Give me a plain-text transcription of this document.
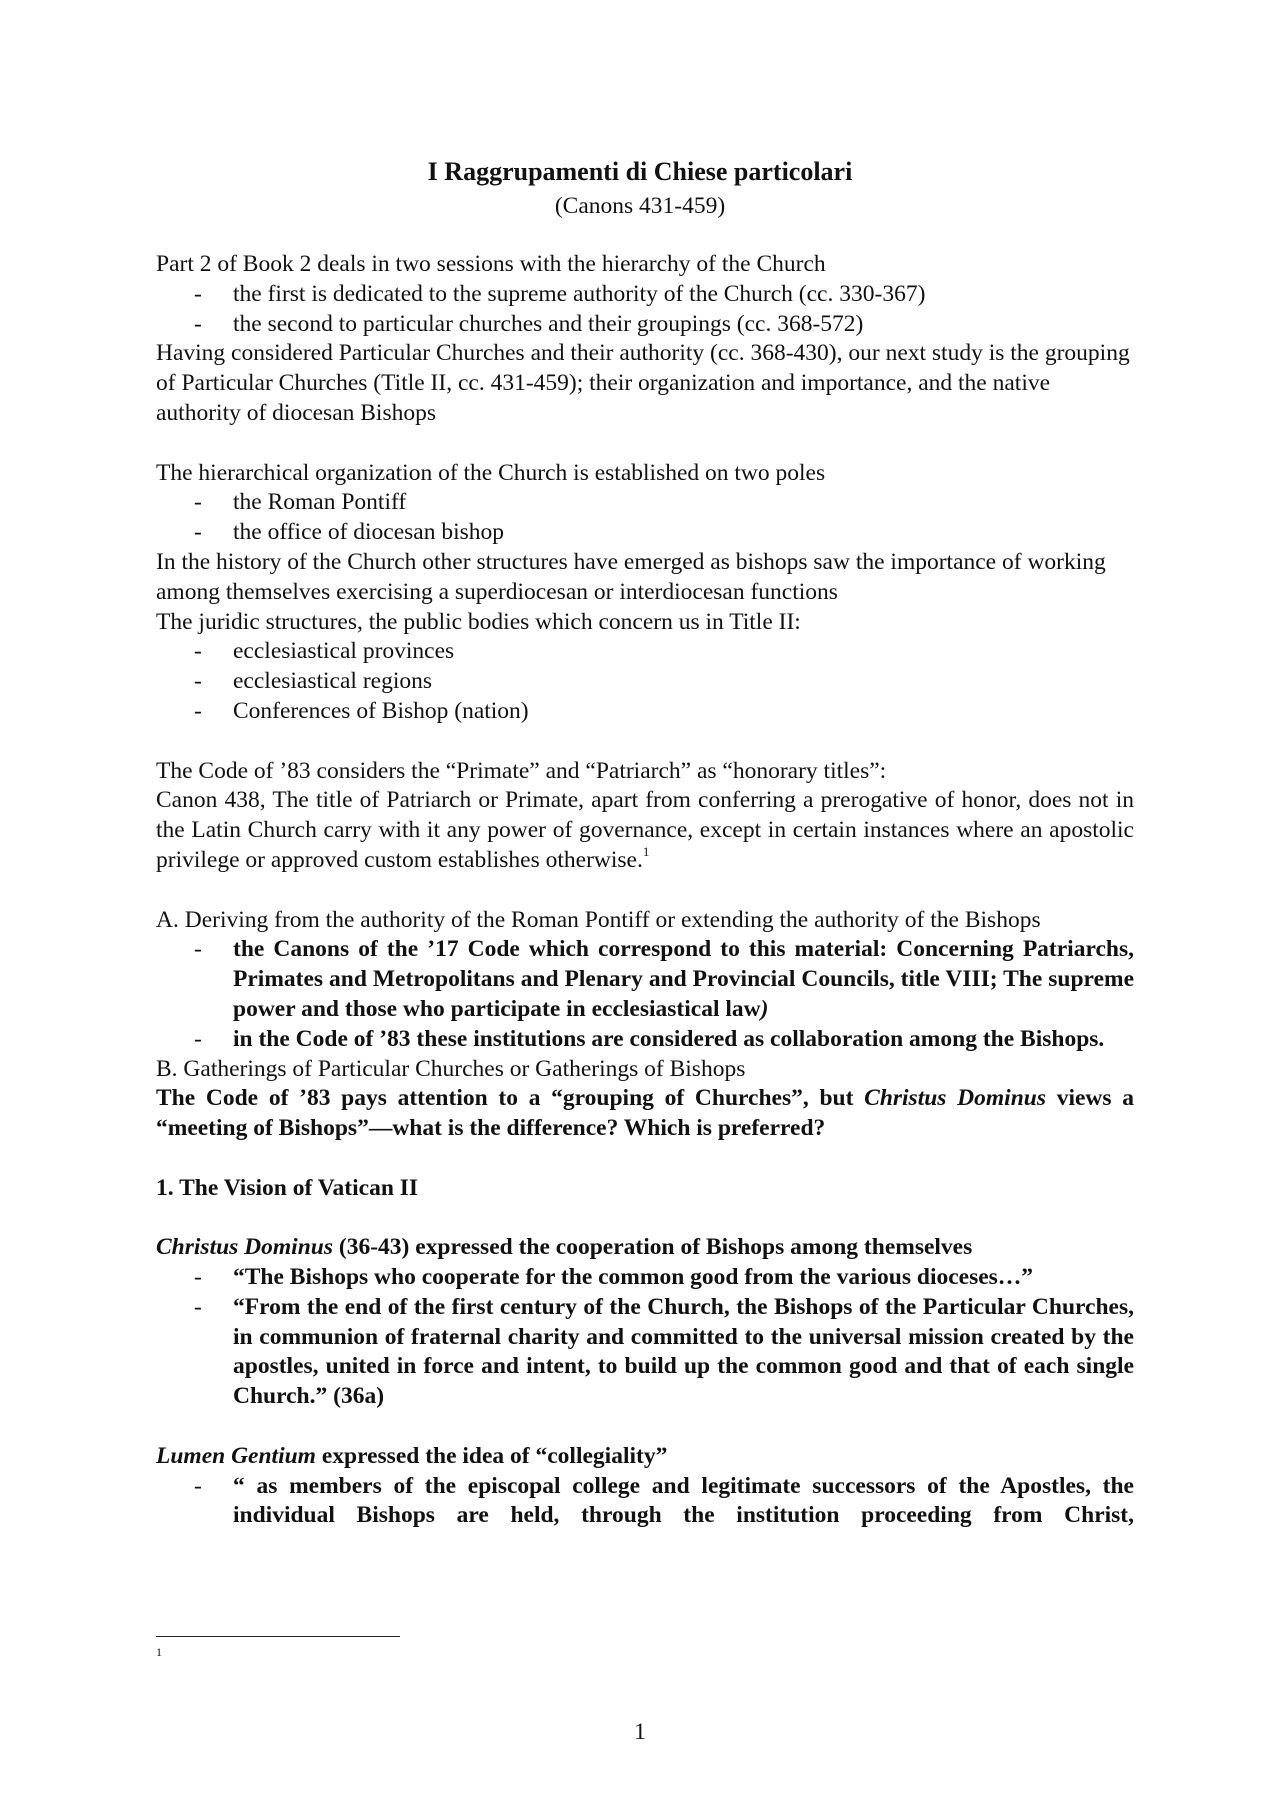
I Raggrupamenti di Chiese particolari
(Canons 431-459)

Part 2 of Book 2 deals in two sessions with the hierarchy of the Church

- the first is dedicated to the supreme authority of the Church (cc. 330-367)

- the second to particular churches and their groupings (cc. 368-572)

Having considered Particular Churches and their authority (cc. 368-430), our next study is the grouping of Particular Churches (Title II, cc. 431-459); their organization and importance, and the native authority of diocesan Bishops

The hierarchical organization of the Church is established on two poles

- the Roman Pontiff

- the office of diocesan bishop

In the history of the Church other structures have emerged as bishops saw the importance of working among themselves exercising a superdiocesan or interdiocesan functions

The juridic structures, the public bodies which concern us in Title II:

- ecclesiastical provinces

- ecclesiastical regions

- Conferences of Bishop (nation)

The Code of ’83 considers the “Primate” and “Patriarch” as “honorary titles”:

Canon 438, The title of Patriarch or Primate, apart from conferring a prerogative of honor, does not in the Latin Church carry with it any power of governance, except in certain instances where an apostolic privilege or approved custom establishes otherwise.$^1$

A. Deriving from the authority of the Roman Pontiff or extending the authority of the Bishops

- the Canons of the ’17 Code which correspond to this material: Concerning Patriarchs, Primates and Metropolitans and Plenary and Provincial Councils, title VIII; The supreme power and those who participate in ecclesiastical law)

- in the Code of ’83 these institutions are considered as collaboration among the Bishops.

B. Gatherings of Particular Churches or Gatherings of Bishops

The Code of ’83 pays attention to a “grouping of Churches”, but Christus Dominus views a “meeting of Bishops”—what is the difference? Which is preferred?

1. The Vision of Vatican II

Christus Dominus (36-43) expressed the cooperation of Bishops among themselves

- “The Bishops who cooperate for the common good from the various dioceses…”

- “From the end of the first century of the Church, the Bishops of the Particular Churches, in communion of fraternal charity and committed to the universal mission created by the apostles, united in force and intent, to build up the common good and that of each single Church.” (36a)

Lumen Gentium expressed the idea of “collegiality”

- “ as members of the episcopal college and legitimate successors of the Apostles, the individual Bishops are held, through the institution proceeding from Christ,

1
1
